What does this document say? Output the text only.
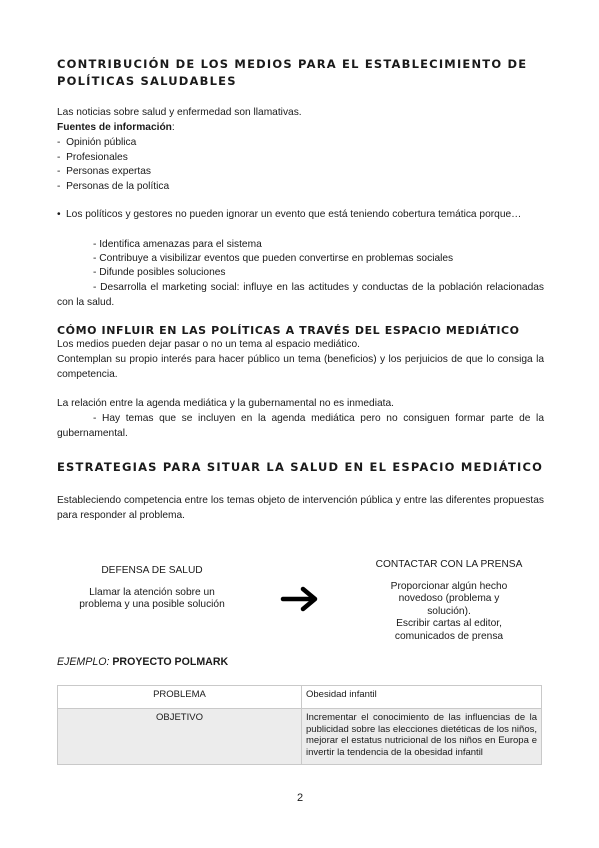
CONTRIBUCIÓN DE LOS MEDIOS PARA EL ESTABLECIMIENTO DE POLÍTICAS SALUDABLES
Las noticias sobre salud y enfermedad son llamativas.
Fuentes de información:
-  Opinión pública
-  Profesionales
-  Personas expertas
-  Personas de la política
• Los políticos y gestores no pueden ignorar un evento que está teniendo cobertura temática porque…
- Identifica amenazas para el sistema
- Contribuye a visibilizar eventos que pueden convertirse en problemas sociales
- Difunde posibles soluciones
- Desarrolla el marketing social: influye en las actitudes y conductas de la población relacionadas con la salud.
CÓMO INFLUIR EN LAS POLÍTICAS A TRAVÉS DEL ESPACIO MEDIÁTICO
Los medios pueden dejar pasar o no un tema al espacio mediático.
Contemplan su propio interés para hacer público un tema (beneficios) y los perjuicios de que lo consiga la competencia.
La relación entre la agenda mediática y la gubernamental no es inmediata.
- Hay temas que se incluyen en la agenda mediática pero no consiguen formar parte de la gubernamental.
ESTRATEGIAS PARA SITUAR LA SALUD EN EL ESPACIO MEDIÁTICO
Estableciendo competencia entre los temas objeto de intervención pública y entre las diferentes propuestas para responder al problema.
DEFENSA DE SALUD
Llamar la atención sobre un problema y una posible solución
CONTACTAR CON LA PRENSA
Proporcionar algún hecho novedoso (problema y solución).
Escribir cartas al editor, comunicados de prensa
EJEMPLO: PROYECTO POLMARK
PROBLEMA	Obesidad infantil
OBJETIVO	Incrementar el conocimiento de las influencias de la publicidad sobre las elecciones dietéticas de los niños, mejorar el estatus nutricional de los niños en Europa e invertir la tendencia de la obesidad infantil
2
